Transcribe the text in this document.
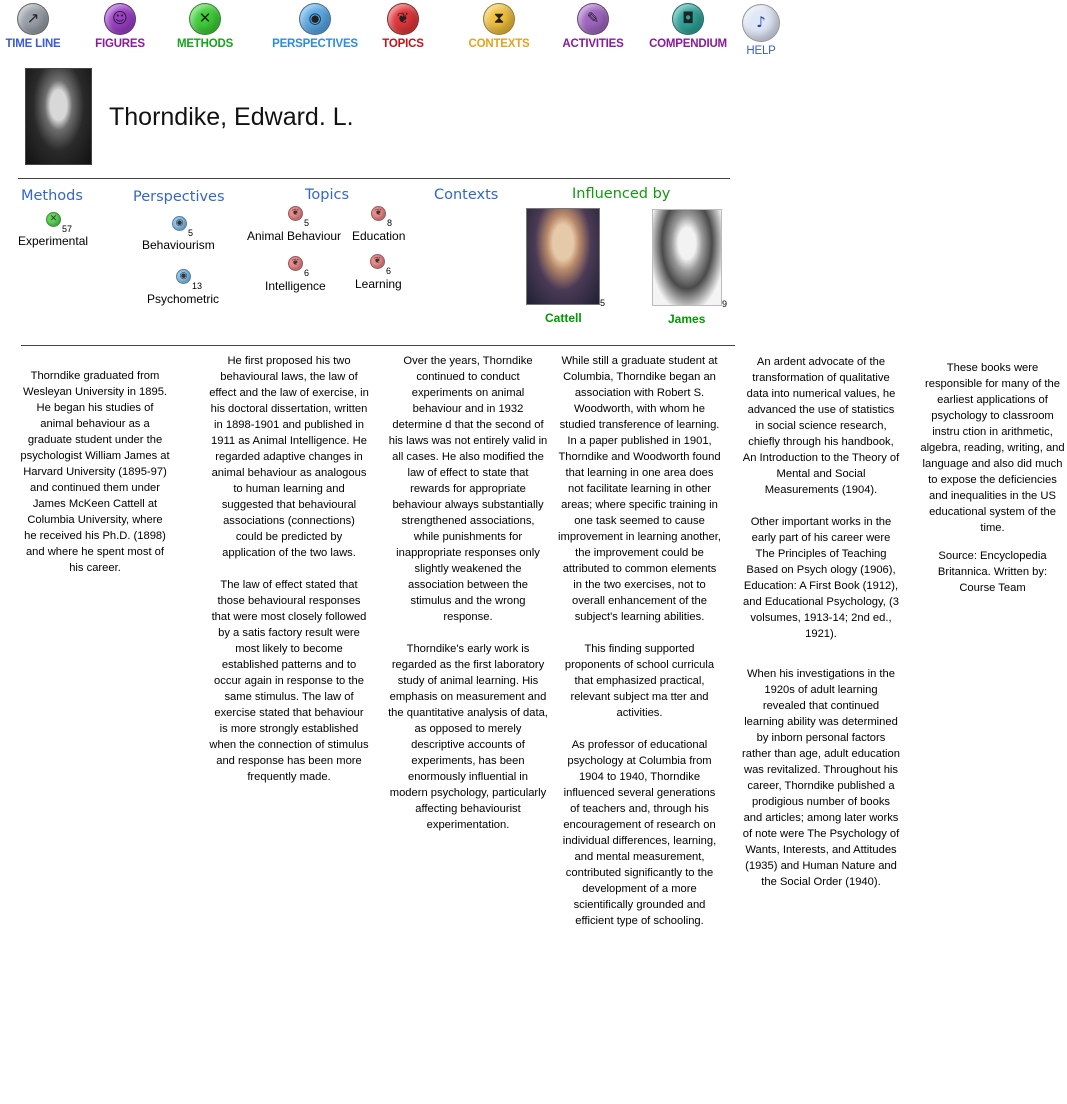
↗
TIME LINE
☺
FIGURES
✕
METHODS
◉
PERSPECTIVES
❦
TOPICS
⧗
CONTEXTS
✎
ACTIVITIES
◘
COMPENDIUM
♪
HELP
Thorndike, Edward. L.
Methods	Perspectives	Topics	Contexts	Influenced by
✕
57
Experimental
◉
5
Behaviourism
◉
13
Psychometric
❦
5
Animal Behaviour
❦
8
Education
❦
6
Intelligence
❦
6
Learning
5
Cattell
9
James

Thorndike graduated from Wesleyan University in 1895. He began his studies of animal behaviour as a graduate student under the psychologist William James at Harvard University (1895-97) and continued them under James McKeen Cattell at Columbia University, where he received his Ph.D. (1898) and where he spent most of his career.

He first proposed his two behavioural laws, the law of effect and the law of exercise, in his doctoral dissertation, written in 1898-1901 and published in 1911 as Animal Intelligence. He regarded adaptive changes in animal behaviour as analogous to human learning and suggested that behavioural associations (connections) could be predicted by application of the two laws.

The law of effect stated that those behavioural responses that were most closely followed by a satis factory result were most likely to become established patterns and to occur again in response to the same stimulus. The law of exercise stated that behaviour is more strongly established when the connection of stimulus and response has been more frequently made.

Over the years, Thorndike continued to conduct experiments on animal behaviour and in 1932 determine d that the second of his laws was not entirely valid in all cases. He also modified the law of effect to state that rewards for appropriate behaviour always substantially strengthened associations, while punishments for inappropriate responses only slightly weakened the association between the stimulus and the wrong response.

Thorndike's early work is regarded as the first laboratory study of animal learning. His emphasis on measurement and the quantitative analysis of data, as opposed to merely descriptive accounts of experiments, has been enormously influential in modern psychology, particularly affecting behaviourist experimentation.

While still a graduate student at Columbia, Thorndike began an association with Robert S. Woodworth, with whom he studied transference of learning. In a paper published in 1901, Thorndike and Woodworth found that learning in one area does not facilitate learning in other areas; where specific training in one task seemed to cause improvement in learning another, the improvement could be attributed to common elements in the two exercises, not to overall enhancement of the subject's learning abilities.

This finding supported proponents of school curricula that emphasized practical, relevant subject ma tter and activities.

As professor of educational psychology at Columbia from 1904 to 1940, Thorndike influenced several generations of teachers and, through his encouragement of research on individual differences, learning, and mental measurement, contributed significantly to the development of a more scientifically grounded and efficient type of schooling.

An ardent advocate of the transformation of qualitative data into numerical values, he advanced the use of statistics in social science research, chiefly through his handbook, An Introduction to the Theory of Mental and Social Measurements (1904).

Other important works in the early part of his career were The Principles of Teaching Based on Psych ology (1906), Education: A First Book (1912), and Educational Psychology, (3 volsumes, 1913-14; 2nd ed., 1921).

When his investigations in the 1920s of adult learning revealed that continued learning ability was determined by inborn personal factors rather than age, adult education was revitalized. Throughout his career, Thorndike published a prodigious number of books and articles; among later works of note were The Psychology of Wants, Interests, and Attitudes (1935) and Human Nature and the Social Order (1940).

These books were responsible for many of the earliest applications of psychology to classroom instru ction in arithmetic, algebra, reading, writing, and language and also did much to expose the deficiencies and inequalities in the US educational system of the time.

Source: Encyclopedia Britannica. Written by: Course Team
